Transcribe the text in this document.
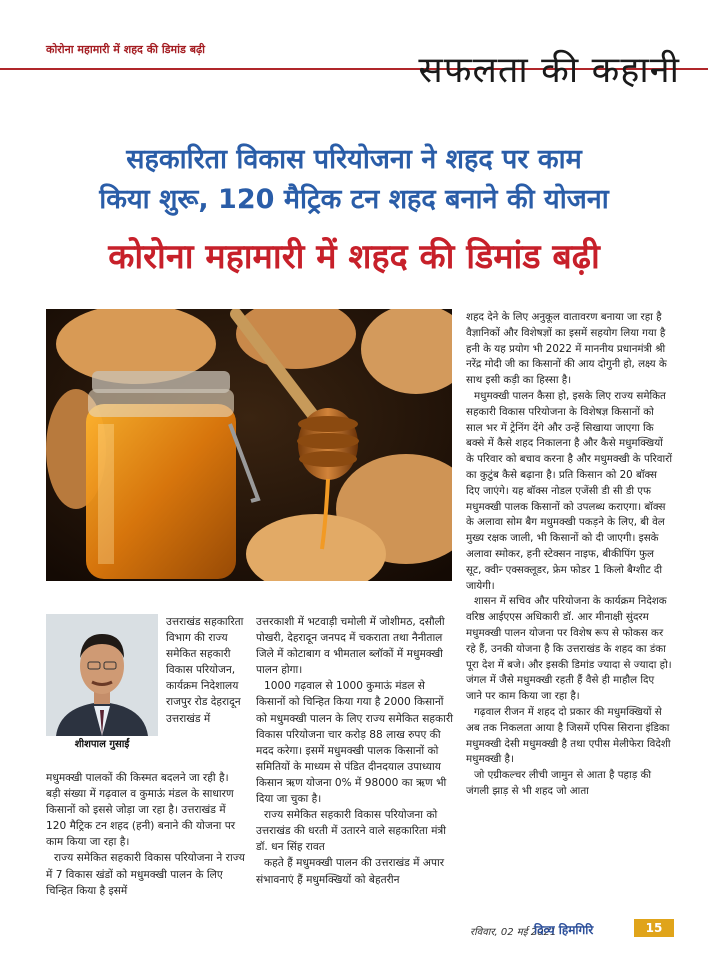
कोरोना महामारी में शहद की डिमांड बढ़ी
सफलता की कहानी
सहकारिता विकास परियोजना ने शहद पर काम
किया शुरू, 120 मैट्रिक टन शहद बनाने की योजना
कोरोना महामारी में शहद की डिमांड बढ़ी
शीशपाल गुसाईं

उत्तराखंड सहकारिता विभाग की राज्य समेकित सहकारी विकास परियोजन, कार्यक्रम निदेशालय राजपुर रोड देहरादून उत्तराखंड में

मधुमक्खी पालकों की किस्मत बदलने जा रही है। बड़ी संख्या में गढ़वाल व कुमाऊं मंडल के साधारण किसानों को इससे जोड़ा जा रहा है। उत्तराखंड में 120 मैट्रिक टन शहद (हनी) बनाने की योजना पर काम किया जा रहा है।

राज्य समेकित सहकारी विकास परियोजना ने राज्य में 7 विकास खंडों को मधुमक्खी पालन के लिए चिन्हित किया है इसमें

उत्तरकाशी में भटवाड़ी चमोली में जोशीमठ, दसौली पोखरी, देहरादून जनपद में चकराता तथा नैनीताल जिले में कोटाबाग व भीमताल ब्लॉकों में मधुमक्खी पालन होगा।

1000 गढ़वाल से 1000 कुमाऊं मंडल से किसानों को चिन्हित किया गया है 2000 किसानों को मधुमक्खी पालन के लिए राज्य समेकित सहकारी विकास परियोजना चार करोड़ 88 लाख रुपए की मदद करेगा। इसमें मधुमक्खी पालक किसानों को समितियों के माध्यम से पंडित दीनदयाल उपाध्याय किसान ऋण योजना 0% में 98000 का ऋण भी दिया जा चुका है।

राज्य समेकित सहकारी विकास परियोजना को उत्तराखंड की धरती में उतारने वाले सहकारिता मंत्री डॉ. धन सिंह रावत

कहते हैं मधुमक्खी पालन की उत्तराखंड में अपार संभावनाएं हैं मधुमक्खियों को बेहतरीन

शहद देने के लिए अनुकूल वातावरण बनाया जा रहा है वैज्ञानिकों और विशेषज्ञों का इसमें सहयोग लिया गया है हनी के यह प्रयोग भी 2022 में माननीय प्रधानमंत्री श्री नरेंद्र मोदी जी का किसानों की आय दोगुनी हो, लक्ष्य के साथ इसी कड़ी का हिस्सा है।

मधुमक्खी पालन कैसा हो, इसके लिए राज्य समेकित सहकारी विकास परियोजना के विशेषज्ञ किसानों को साल भर में ट्रेनिंग देंगे और उन्हें सिखाया जाएगा कि बक्से में कैसे शहद निकालना है और कैसे मधुमक्खियों के परिवार को बचाव करना है और मधुमक्खी के परिवारों का कुटुंब कैसे बढ़ाना है। प्रति किसान को 20 बॉक्स दिए जाएंगे। यह बॉक्स नोडल एजेंसी डी सी डी एफ मधुमक्खी पालक किसानों को उपलब्ध कराएगा। बॉक्स के अलावा सोम बैग मधुमक्खी पकड़ने के लिए, बी वेल मुख्य रक्षक जाली, भी किसानों को दी जाएगी। इसके अलावा स्मोकर, हनी स्टेक्सन नाइफ, बीकीपिंग फुल सूट, क्वीन्‍ एक्सक्लूडर, फ्रेम फोडर 1 किलो बैग्शीट दी जायेगी।

शासन में सचिव और परियोजना के कार्यक्रम निदेशक वरिष्ठ आईएएस अधिकारी डॉ. आर मीनाक्षी सुंदरम मधुमक्खी पालन योजना पर विशेष रूप से फोकस कर रहे हैं, उनकी योजना है कि उत्तराखंड के शहद का डंका पूरा देश में बजे। और इसकी डिमांड ज्यादा से ज्यादा हो। जंगल में जैसे मधुमक्खी रहती हैं वैसे ही माहौल दिए जाने पर काम किया जा रहा है।

गढ़वाल रीजन में शहद दो प्रकार की मधुमक्खियों से अब तक निकलता आया है जिसमें एपिस सिराना इंडिका मधुमक्खी देसी मधुमक्खी है तथा एपीस मेलीफेरा विदेशी मधुमक्खी है।

जो एग्रीकल्चर लीची जामुन से आता है पहाड़ की जंगली झाड़ से भी शहद जो आता

रविवार, 02 मई 2021
दिव्य हिमगिरि	15
